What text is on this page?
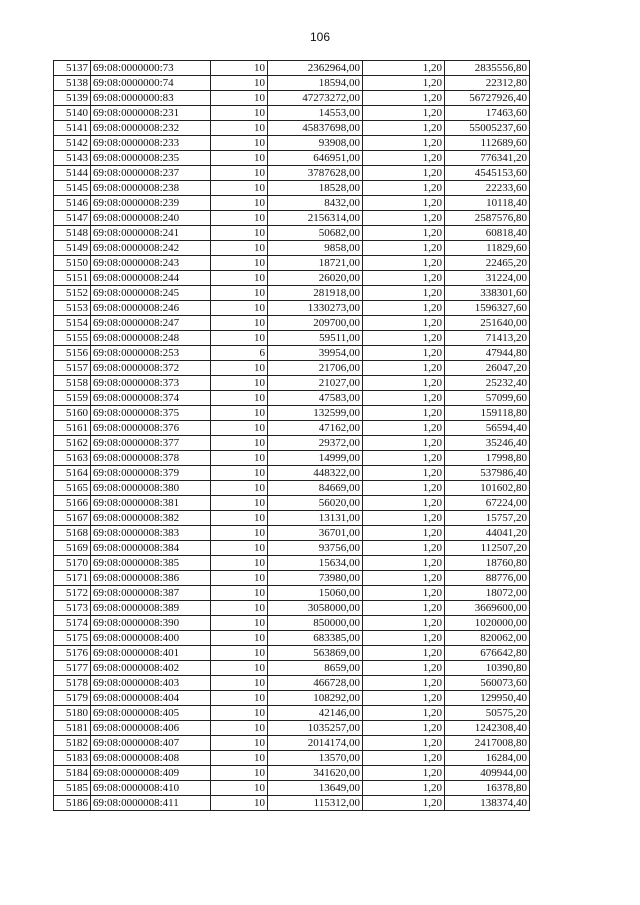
106
5137	69:08:0000000:73	10	2362964,00	1,20	2835556,80
5138	69:08:0000000:74	10	18594,00	1,20	22312,80
5139	69:08:0000000:83	10	47273272,00	1,20	56727926,40
5140	69:08:0000008:231	10	14553,00	1,20	17463,60
5141	69:08:0000008:232	10	45837698,00	1,20	55005237,60
5142	69:08:0000008:233	10	93908,00	1,20	112689,60
5143	69:08:0000008:235	10	646951,00	1,20	776341,20
5144	69:08:0000008:237	10	3787628,00	1,20	4545153,60
5145	69:08:0000008:238	10	18528,00	1,20	22233,60
5146	69:08:0000008:239	10	8432,00	1,20	10118,40
5147	69:08:0000008:240	10	2156314,00	1,20	2587576,80
5148	69:08:0000008:241	10	50682,00	1,20	60818,40
5149	69:08:0000008:242	10	9858,00	1,20	11829,60
5150	69:08:0000008:243	10	18721,00	1,20	22465,20
5151	69:08:0000008:244	10	26020,00	1,20	31224,00
5152	69:08:0000008:245	10	281918,00	1,20	338301,60
5153	69:08:0000008:246	10	1330273,00	1,20	1596327,60
5154	69:08:0000008:247	10	209700,00	1,20	251640,00
5155	69:08:0000008:248	10	59511,00	1,20	71413,20
5156	69:08:0000008:253	6	39954,00	1,20	47944,80
5157	69:08:0000008:372	10	21706,00	1,20	26047,20
5158	69:08:0000008:373	10	21027,00	1,20	25232,40
5159	69:08:0000008:374	10	47583,00	1,20	57099,60
5160	69:08:0000008:375	10	132599,00	1,20	159118,80
5161	69:08:0000008:376	10	47162,00	1,20	56594,40
5162	69:08:0000008:377	10	29372,00	1,20	35246,40
5163	69:08:0000008:378	10	14999,00	1,20	17998,80
5164	69:08:0000008:379	10	448322,00	1,20	537986,40
5165	69:08:0000008:380	10	84669,00	1,20	101602,80
5166	69:08:0000008:381	10	56020,00	1,20	67224,00
5167	69:08:0000008:382	10	13131,00	1,20	15757,20
5168	69:08:0000008:383	10	36701,00	1,20	44041,20
5169	69:08:0000008:384	10	93756,00	1,20	112507,20
5170	69:08:0000008:385	10	15634,00	1,20	18760,80
5171	69:08:0000008:386	10	73980,00	1,20	88776,00
5172	69:08:0000008:387	10	15060,00	1,20	18072,00
5173	69:08:0000008:389	10	3058000,00	1,20	3669600,00
5174	69:08:0000008:390	10	850000,00	1,20	1020000,00
5175	69:08:0000008:400	10	683385,00	1,20	820062,00
5176	69:08:0000008:401	10	563869,00	1,20	676642,80
5177	69:08:0000008:402	10	8659,00	1,20	10390,80
5178	69:08:0000008:403	10	466728,00	1,20	560073,60
5179	69:08:0000008:404	10	108292,00	1,20	129950,40
5180	69:08:0000008:405	10	42146,00	1,20	50575,20
5181	69:08:0000008:406	10	1035257,00	1,20	1242308,40
5182	69:08:0000008:407	10	2014174,00	1,20	2417008,80
5183	69:08:0000008:408	10	13570,00	1,20	16284,00
5184	69:08:0000008:409	10	341620,00	1,20	409944,00
5185	69:08:0000008:410	10	13649,00	1,20	16378,80
5186	69:08:0000008:411	10	115312,00	1,20	138374,40
